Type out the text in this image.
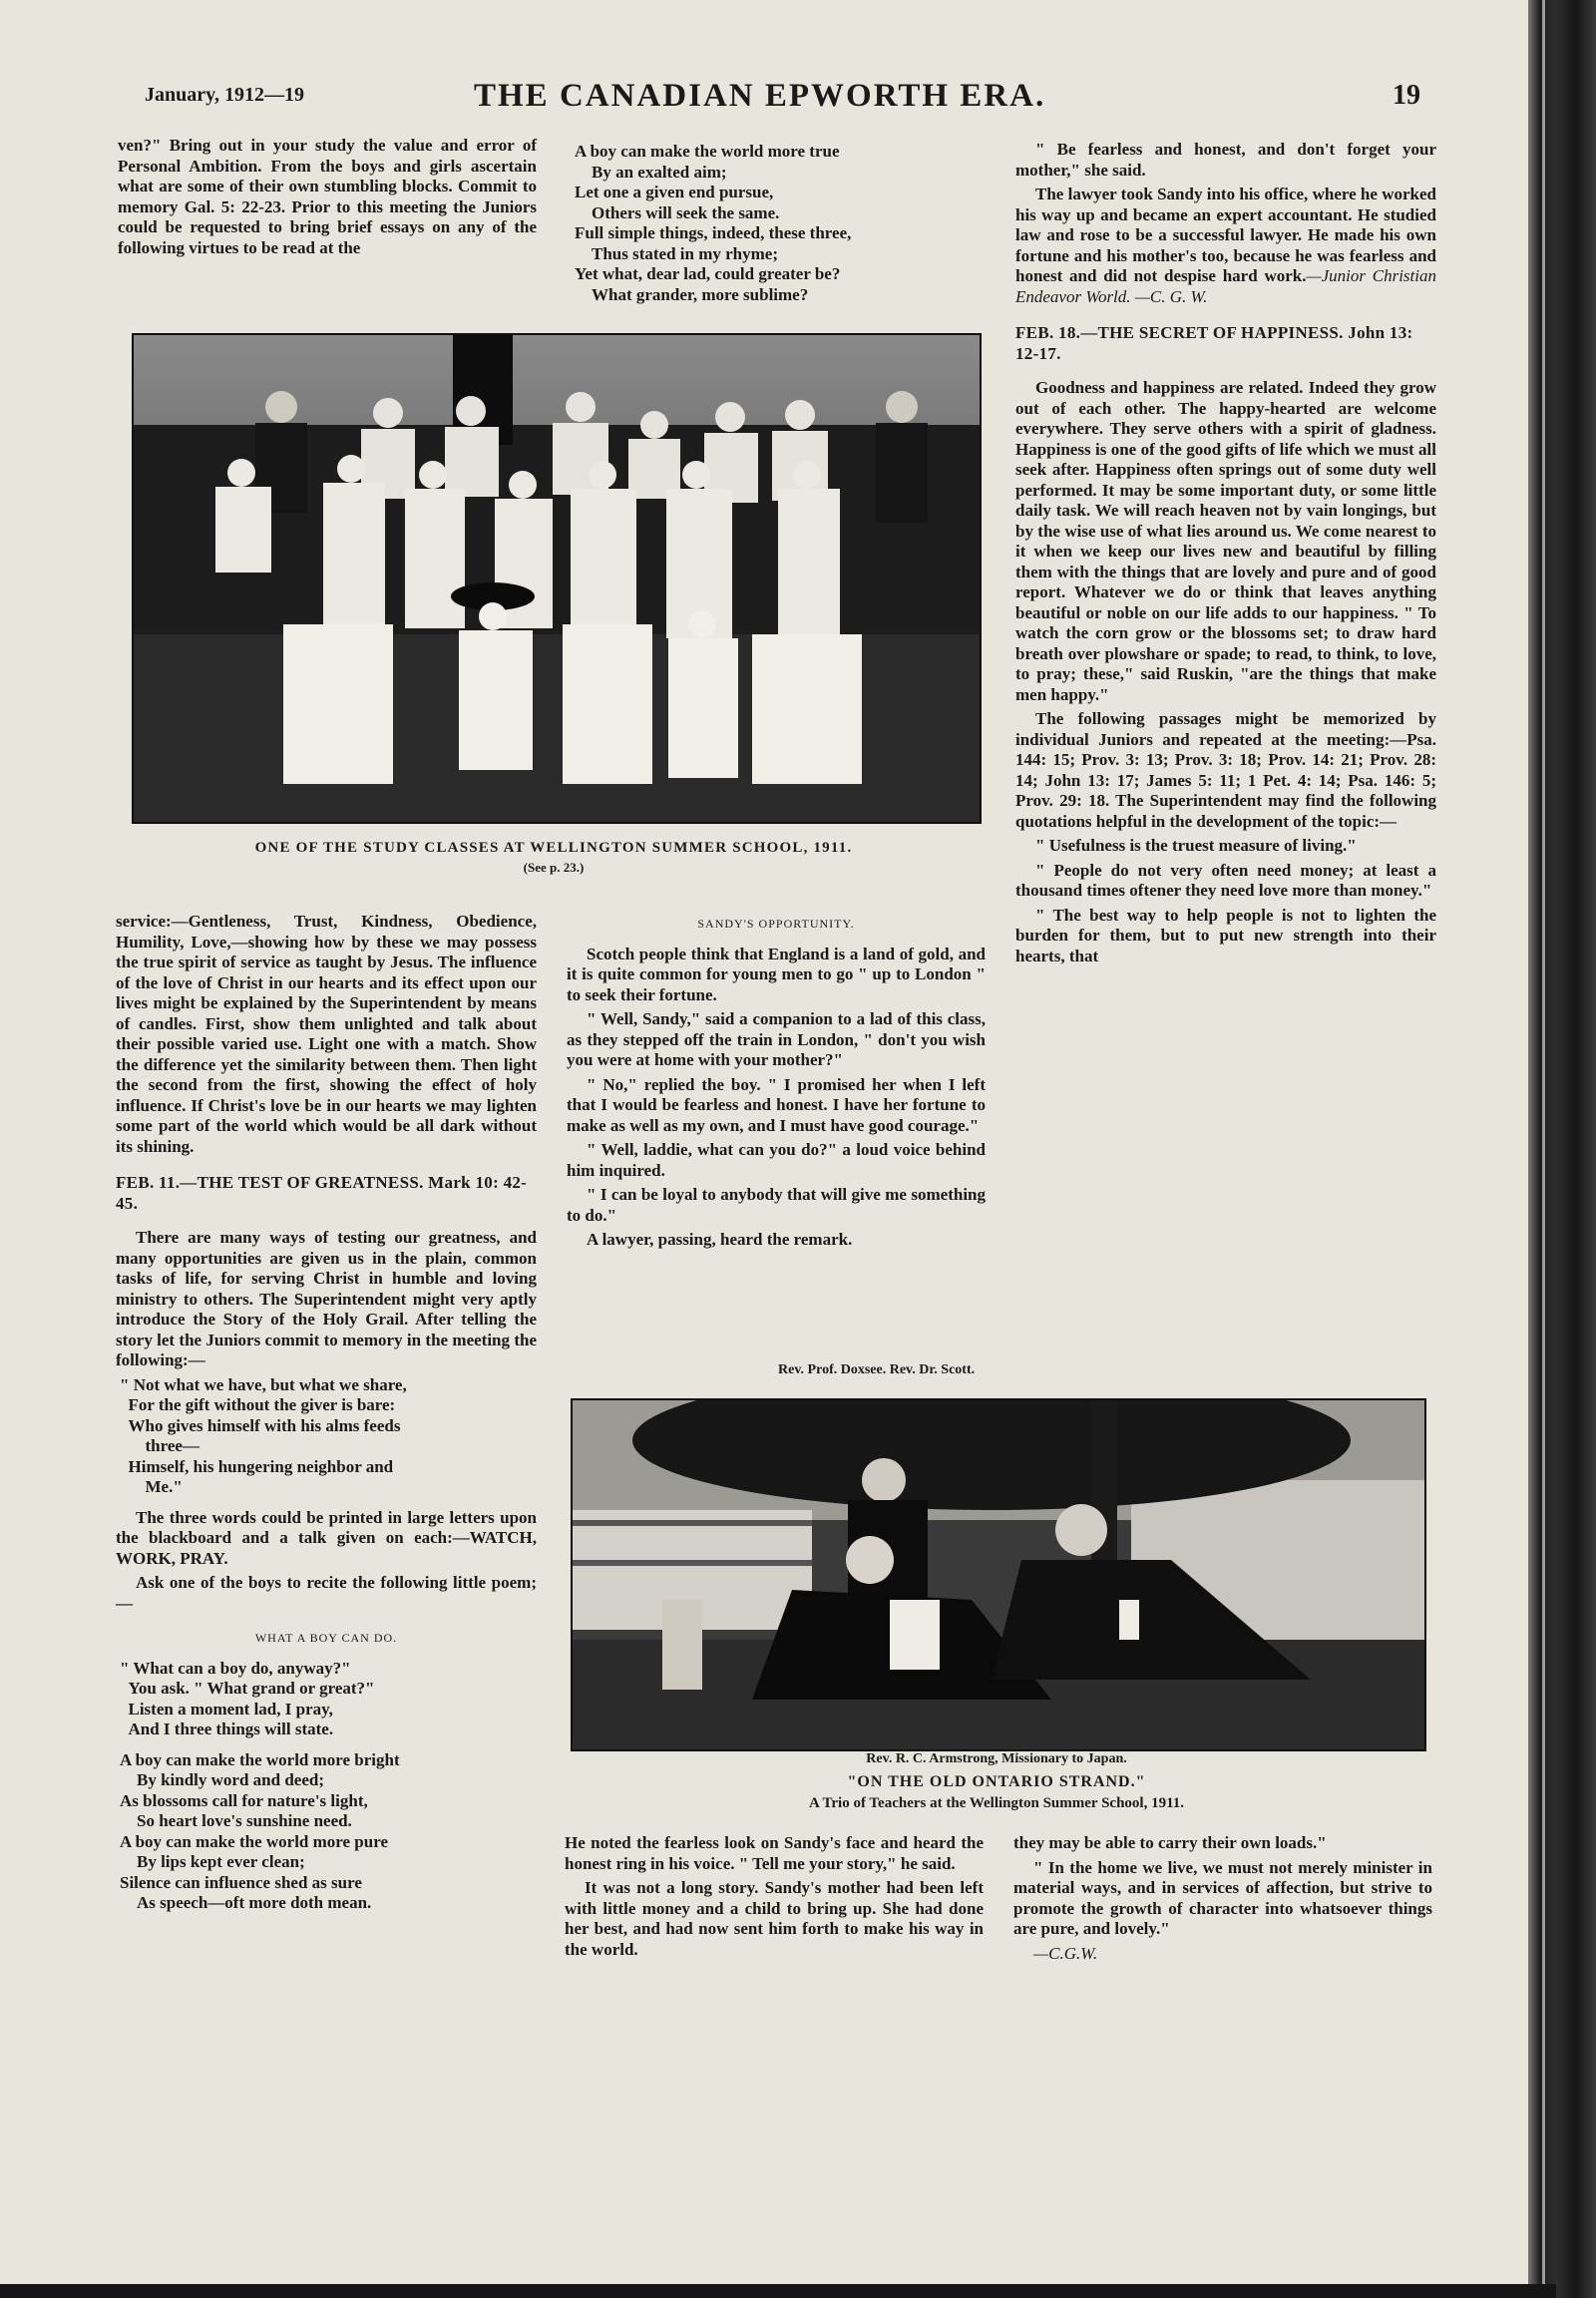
January, 1912—19	THE CANADIAN EPWORTH ERA.	19

ven?" Bring out in your study the value and error of Personal Ambition. From the boys and girls ascertain what are some of their own stumbling blocks. Commit to memory Gal. 5: 22-23. Prior to this meeting the Juniors could be requested to bring brief essays on any of the following virtues to be read at the

A boy can make the world more true
By an exalted aim;
Let one a given end pursue,
Others will seek the same.
Full simple things, indeed, these three,
Thus stated in my rhyme;
Yet what, dear lad, could greater be?
What grander, more sublime?

" Be fearless and honest, and don't forget your mother," she said.

The lawyer took Sandy into his office, where he worked his way up and became an expert accountant. He studied law and rose to be a successful lawyer. He made his own fortune and his mother's too, because he was fearless and honest and did not despise hard work.—Junior Christian Endeavor World. —C. G. W.

FEB. 18.—THE SECRET OF HAPPINESS. John 13: 12-17.

Goodness and happiness are related. Indeed they grow out of each other. The happy-hearted are welcome everywhere. They serve others with a spirit of gladness. Happiness is one of the good gifts of life which we must all seek after. Happiness often springs out of some duty well performed. It may be some important duty, or some little daily task. We will reach heaven not by vain longings, but by the wise use of what lies around us. We come nearest to it when we keep our lives new and beautiful by filling them with the things that are lovely and pure and of good report. Whatever we do or think that leaves anything beautiful or noble on our life adds to our happiness. " To watch the corn grow or the blossoms set; to draw hard breath over plowshare or spade; to read, to think, to love, to pray; these," said Ruskin, "are the things that make men happy."

The following passages might be memorized by individual Juniors and repeated at the meeting:—Psa. 144: 15; Prov. 3: 13; Prov. 3: 18; Prov. 14: 21; Prov. 28: 14; John 13: 17; James 5: 11; 1 Pet. 4: 14; Psa. 146: 5; Prov. 29: 18. The Superintendent may find the following quotations helpful in the development of the topic:—

" Usefulness is the truest measure of living."

" People do not very often need money; at least a thousand times oftener they need love more than money."

" The best way to help people is not to lighten the burden for them, but to put new strength into their hearts, that

ONE OF THE STUDY CLASSES AT WELLINGTON SUMMER SCHOOL, 1911.
(See p. 23.)

service:—Gentleness, Trust, Kindness, Obedience, Humility, Love,—showing how by these we may possess the true spirit of service as taught by Jesus. The influence of the love of Christ in our hearts and its effect upon our lives might be explained by the Superintendent by means of candles. First, show them unlighted and talk about their possible varied use. Light one with a match. Show the difference yet the similarity between them. Then light the second from the first, showing the effect of holy influence. If Christ's love be in our hearts we may lighten some part of the world which would be all dark without its shining.

FEB. 11.—THE TEST OF GREATNESS. Mark 10: 42-45.

There are many ways of testing our greatness, and many opportunities are given us in the plain, common tasks of life, for serving Christ in humble and loving ministry to others. The Superintendent might very aptly introduce the Story of the Holy Grail. After telling the story let the Juniors commit to memory in the meeting the following:—

" Not what we have, but what we share,
For the gift without the giver is bare:
Who gives himself with his alms feeds
three—
Himself, his hungering neighbor and
Me."

The three words could be printed in large letters upon the blackboard and a talk given on each:—WATCH, WORK, PRAY.

Ask one of the boys to recite the following little poem;—

WHAT A BOY CAN DO.
" What can a boy do, anyway?"
You ask. " What grand or great?"
Listen a moment lad, I pray,
And I three things will state.
A boy can make the world more bright
By kindly word and deed;
As blossoms call for nature's light,
So heart love's sunshine need.
A boy can make the world more pure
By lips kept ever clean;
Silence can influence shed as sure
As speech—oft more doth mean.
SANDY'S OPPORTUNITY.

Scotch people think that England is a land of gold, and it is quite common for young men to go " up to London " to seek their fortune.

" Well, Sandy," said a companion to a lad of this class, as they stepped off the train in London, " don't you wish you were at home with your mother?"

" No," replied the boy. " I promised her when I left that I would be fearless and honest. I have her fortune to make as well as my own, and I must have good courage."

" Well, laddie, what can you do?" a loud voice behind him inquired.

" I can be loyal to anybody that will give me something to do."

A lawyer, passing, heard the remark.

Rev. Prof. Doxsee. Rev. Dr. Scott.
Rev. R. C. Armstrong, Missionary to Japan.
"ON THE OLD ONTARIO STRAND."
A Trio of Teachers at the Wellington Summer School, 1911.

He noted the fearless look on Sandy's face and heard the honest ring in his voice. " Tell me your story," he said.

It was not a long story. Sandy's mother had been left with little money and a child to bring up. She had done her best, and had now sent him forth to make his way in the world.

they may be able to carry their own loads."

" In the home we live, we must not merely minister in material ways, and in services of affection, but strive to promote the growth of character into whatsoever things are pure, and lovely."

—C.G.W.
